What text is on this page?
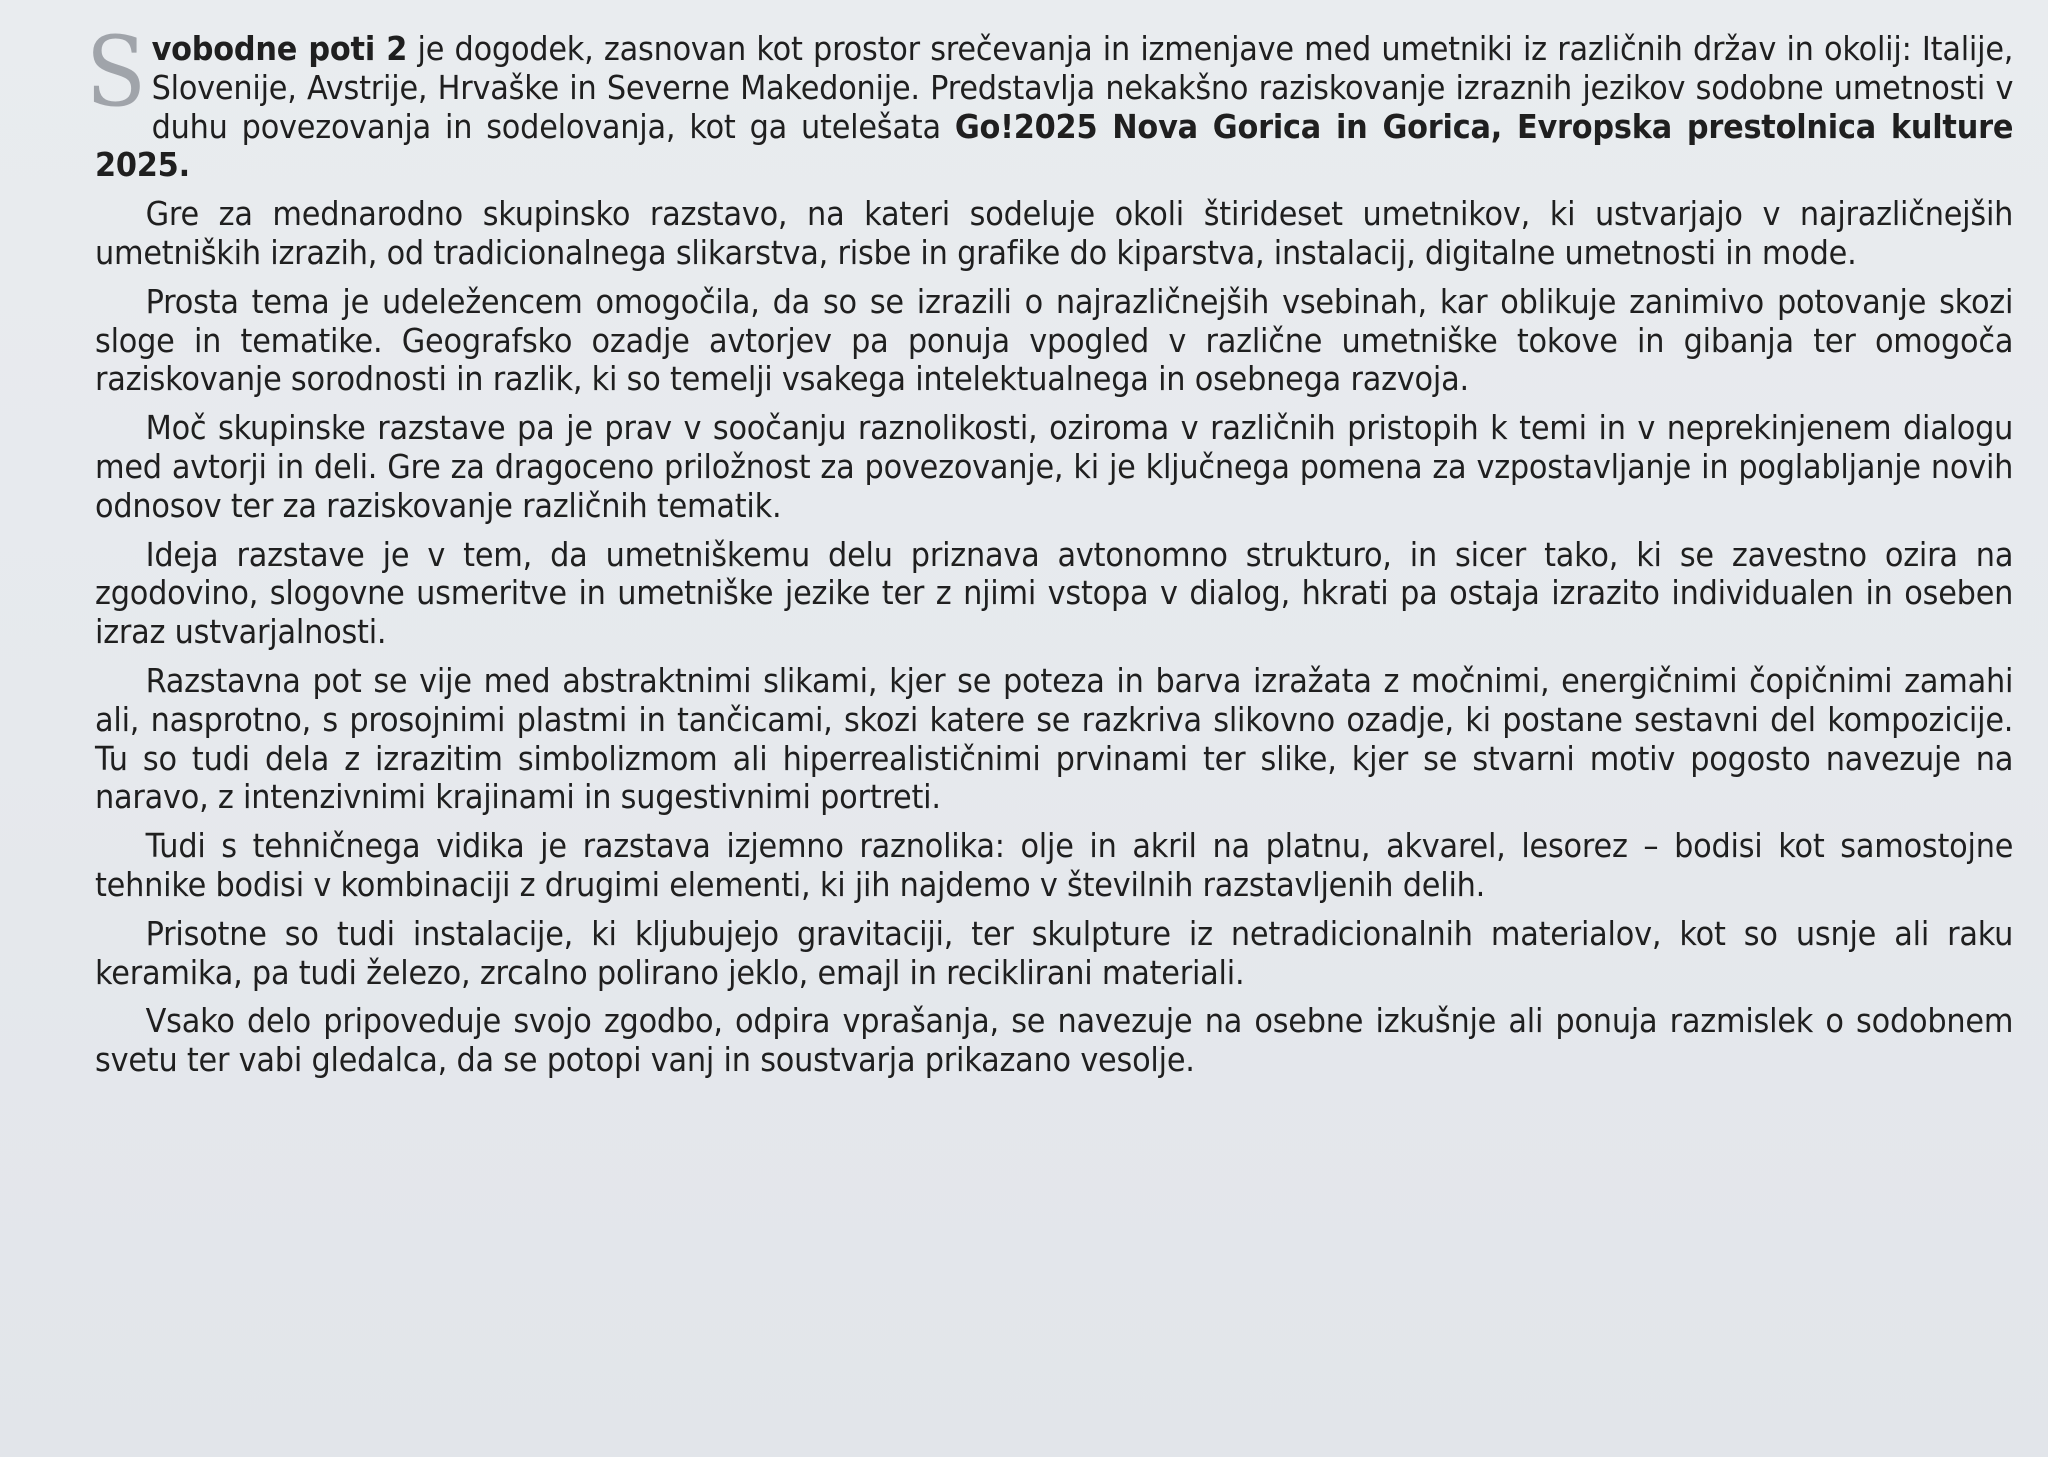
Svobodne poti 2 je dogodek, zasnovan kot prostor srečevanja in izmenjave med umetniki iz različnih držav in okolij: Italije, Slovenije, Avstrije, Hrvaške in Severne Makedonije. Predstavlja nekakšno raziskovanje izraznih jezikov sodobne umetnosti v duhu povezovanja in sodelovanja, kot ga utelešata Go!2025 Nova Gorica in Gorica, Evropska prestolnica kulture 2025.

Gre za mednarodno skupinsko razstavo, na kateri sodeluje okoli štirideset umetnikov, ki ustvarjajo v najrazličnejših umetniških izrazih, od tradicionalnega slikarstva, risbe in grafike do kiparstva, instalacij, digitalne umetnosti in mode.

Prosta tema je udeležencem omogočila, da so se izrazili o najrazličnejših vsebinah, kar oblikuje zanimivo potovanje skozi sloge in tematike. Geografsko ozadje avtorjev pa ponuja vpogled v različne umetniške tokove in gibanja ter omogoča raziskovanje sorodnosti in razlik, ki so temelji vsakega intelektualnega in osebnega razvoja.

Moč skupinske razstave pa je prav v soočanju raznolikosti, oziroma v različnih pristopih k temi in v neprekinjenem dialogu med avtorji in deli. Gre za dragoceno priložnost za povezovanje, ki je ključnega pomena za vzpostavljanje in poglabljanje novih odnosov ter za raziskovanje različnih tematik.

Ideja razstave je v tem, da umetniškemu delu priznava avtonomno strukturo, in sicer tako, ki se zavestno ozira na zgodovino, slogovne usmeritve in umetniške jezike ter z njimi vstopa v dialog, hkrati pa ostaja izrazito individualen in oseben izraz ustvarjalnosti.

Razstavna pot se vije med abstraktnimi slikami, kjer se poteza in barva izražata z močnimi, energičnimi čopičnimi zamahi ali, nasprotno, s prosojnimi plastmi in tančicami, skozi katere se razkriva slikovno ozadje, ki postane sestavni del kompozicije. Tu so tudi dela z izrazitim simbolizmom ali hiperrealističnimi prvinami ter slike, kjer se stvarni motiv pogosto navezuje na naravo, z intenzivnimi krajinami in sugestivnimi portreti.

Tudi s tehničnega vidika je razstava izjemno raznolika: olje in akril na platnu, akvarel, lesorez – bodisi kot samostojne tehnike bodisi v kombinaciji z drugimi elementi, ki jih najdemo v številnih razstavljenih delih.

Prisotne so tudi instalacije, ki kljubujejo gravitaciji, ter skulpture iz netradicionalnih materialov, kot so usnje ali raku keramika, pa tudi železo, zrcalno polirano jeklo, emajl in reciklirani materiali.

Vsako delo pripoveduje svojo zgodbo, odpira vprašanja, se navezuje na osebne izkušnje ali ponuja razmislek o sodobnem svetu ter vabi gledalca, da se potopi vanj in soustvarja prikazano vesolje.
